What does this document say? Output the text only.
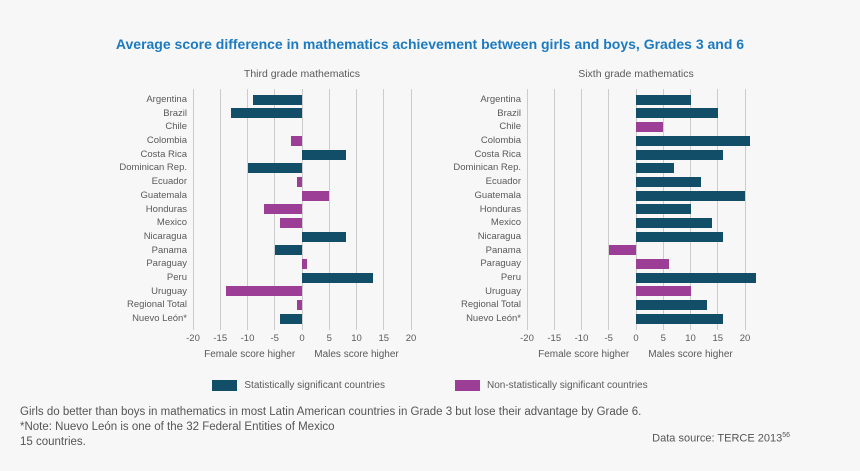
Average score difference in mathematics achievement between girls and boys, Grades 3 and 6
Third grade mathematics
Argentina
Brazil
Chile
Colombia
Costa Rica
Dominican Rep.
Ecuador
Guatemala
Honduras
Mexico
Nicaragua
Panama
Paraguay
Peru
Uruguay
Regional Total
Nuevo León*
-20 -15 -10 -5 0 5 10 15 20
Female score higher Males score higher
Sixth grade mathematics
Argentina
Brazil
Chile
Colombia
Costa Rica
Dominican Rep.
Ecuador
Guatemala
Honduras
Mexico
Nicaragua
Panama
Paraguay
Peru
Uruguay
Regional Total
Nuevo León*
-20 -15 -10 -5 0 5 10 15 20
Female score higher Males score higher
Statistically significant countries	Non-statistically significant countries
Girls do better than boys in mathematics in most Latin American countries in Grade 3 but lose their advantage by Grade 6.
*Note: Nuevo León is one of the 32 Federal Entities of Mexico
15 countries.	Data source: TERCE 2013$^{56}$
